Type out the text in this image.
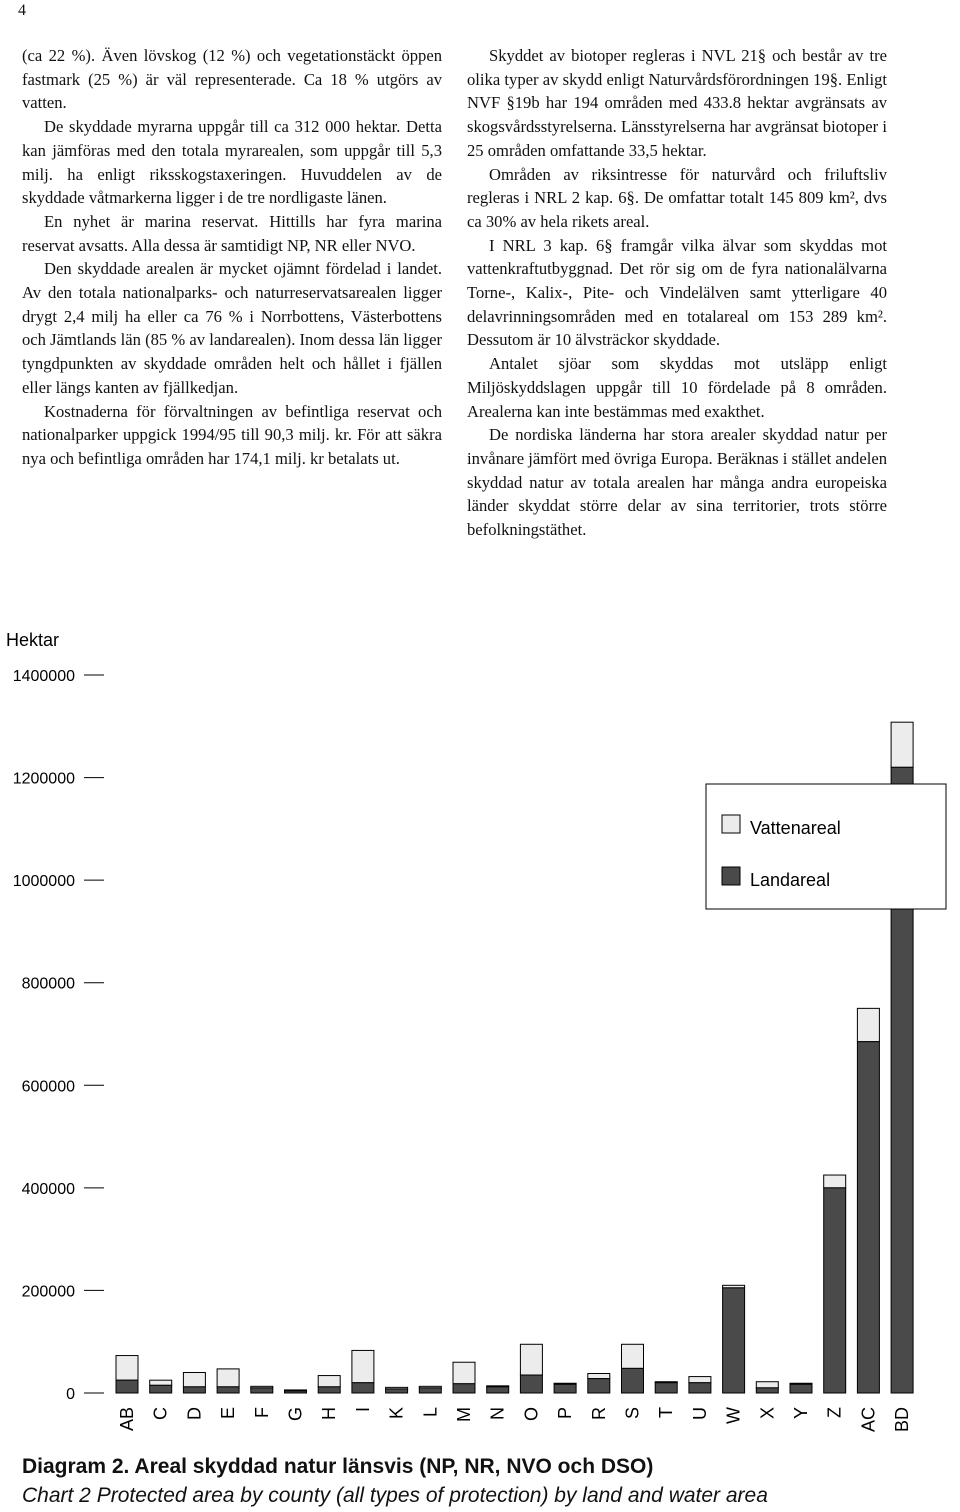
4

(ca 22 %). Även lövskog (12 %) och vegetationstäckt öppen fastmark (25 %) är väl representerade. Ca 18 % utgörs av vatten.

De skyddade myrarna uppgår till ca 312 000 hektar. Detta kan jämföras med den totala myrarealen, som uppgår till 5,3 milj. ha enligt riksskogstaxeringen. Huvuddelen av de skyddade våtmarkerna ligger i de tre nordligaste länen.

En nyhet är marina reservat. Hittills har fyra marina reservat avsatts. Alla dessa är samtidigt NP, NR eller NVO.

Den skyddade arealen är mycket ojämnt fördelad i landet. Av den totala nationalparks- och naturreservatsarealen ligger drygt 2,4 milj ha eller ca 76 % i Norrbottens, Västerbottens och Jämtlands län (85 % av landarealen). Inom dessa län ligger tyngdpunkten av skyddade områden helt och hållet i fjällen eller längs kanten av fjällkedjan.

Kostnaderna för förvaltningen av befintliga reservat och nationalparker uppgick 1994/95 till 90,3 milj. kr. För att säkra nya och befintliga områden har 174,1 milj. kr betalats ut.

Skyddet av biotoper regleras i NVL 21§ och består av tre olika typer av skydd enligt Naturvårdsförordningen 19§. Enligt NVF §19b har 194 områden med 433.8 hektar avgränsats av skogsvårdsstyrelserna. Länsstyrelserna har avgränsat biotoper i 25 områden omfattande 33,5 hektar.

Områden av riksintresse för naturvård och friluftsliv regleras i NRL 2 kap. 6§. De omfattar totalt 145 809 km², dvs ca 30% av hela rikets areal.

I NRL 3 kap. 6§ framgår vilka älvar som skyddas mot vattenkraftutbyggnad. Det rör sig om de fyra nationalälvarna Torne-, Kalix-, Pite- och Vindelälven samt ytterligare 40 delavrinningsområden med en totalareal om 153 289 km². Dessutom är 10 älvsträckor skyddade.

Antalet sjöar som skyddas mot utsläpp enligt Miljöskyddslagen uppgår till 10 fördelade på 8 områden. Arealerna kan inte bestämmas med exakthet.

De nordiska länderna har stora arealer skyddad natur per invånare jämfört med övriga Europa. Beräknas i stället andelen skyddad natur av totala arealen har många andra europeiska länder skyddat större delar av sina territorier, trots större befolkningstäthet.

Hektar
0
200000
400000
600000
800000
1000000
1200000
1400000
AB C D E F G H I K L M N O P R S T U W X Y Z AC BD
Vattenareal
Landareal
Diagram 2. Areal skyddad natur länsvis (NP, NR, NVO och DSO)
Chart 2 Protected area by county (all types of protection) by land and water area
